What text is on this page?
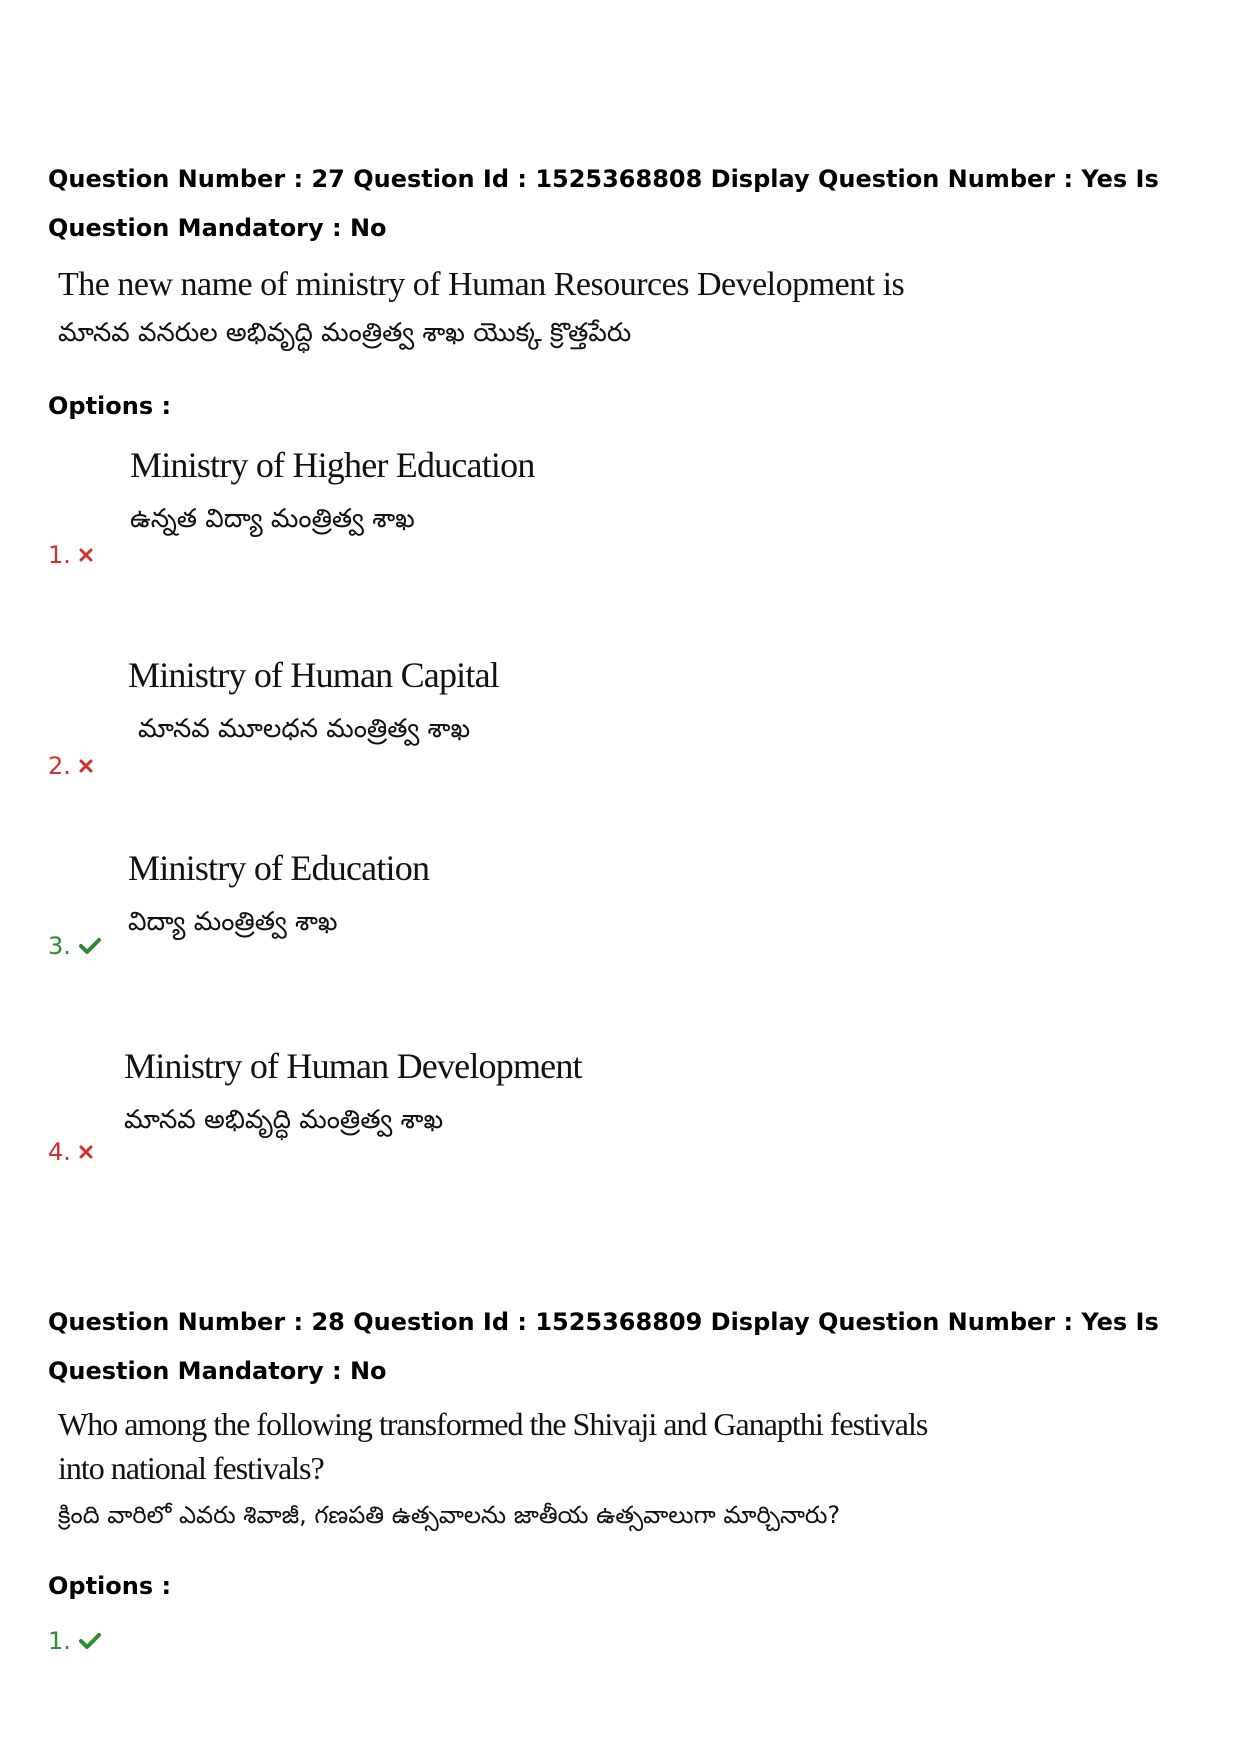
Question Number : 27 Question Id : 1525368808 Display Question Number : Yes Is Question Mandatory : No

The new name of ministry of Human Resources Development is
మానవ వనరుల అభివృద్ధి మంత్రిత్వ శాఖ యొక్క క్రొత్తపేరు
Options :
Ministry of Higher Education
ఉన్నత విద్యా మంత్రిత్వ శాఖ
1.
Ministry of Human Capital
మానవ మూలధన మంత్రిత్వ శాఖ
2.
Ministry of Education
విద్యా మంత్రిత్వ శాఖ
3.
Ministry of Human Development
మానవ అభివృద్ధి మంత్రిత్వ శాఖ
4.

Question Number : 28 Question Id : 1525368809 Display Question Number : Yes Is Question Mandatory : No

Who among the following transformed the Shivaji and Ganapthi festivals into national festivals?
క్రింది వారిలో ఎవరు శివాజీ, గణపతి ఉత్సవాలను జాతీయ ఉత్సవాలుగా మార్చినారు?
Options :
1.
